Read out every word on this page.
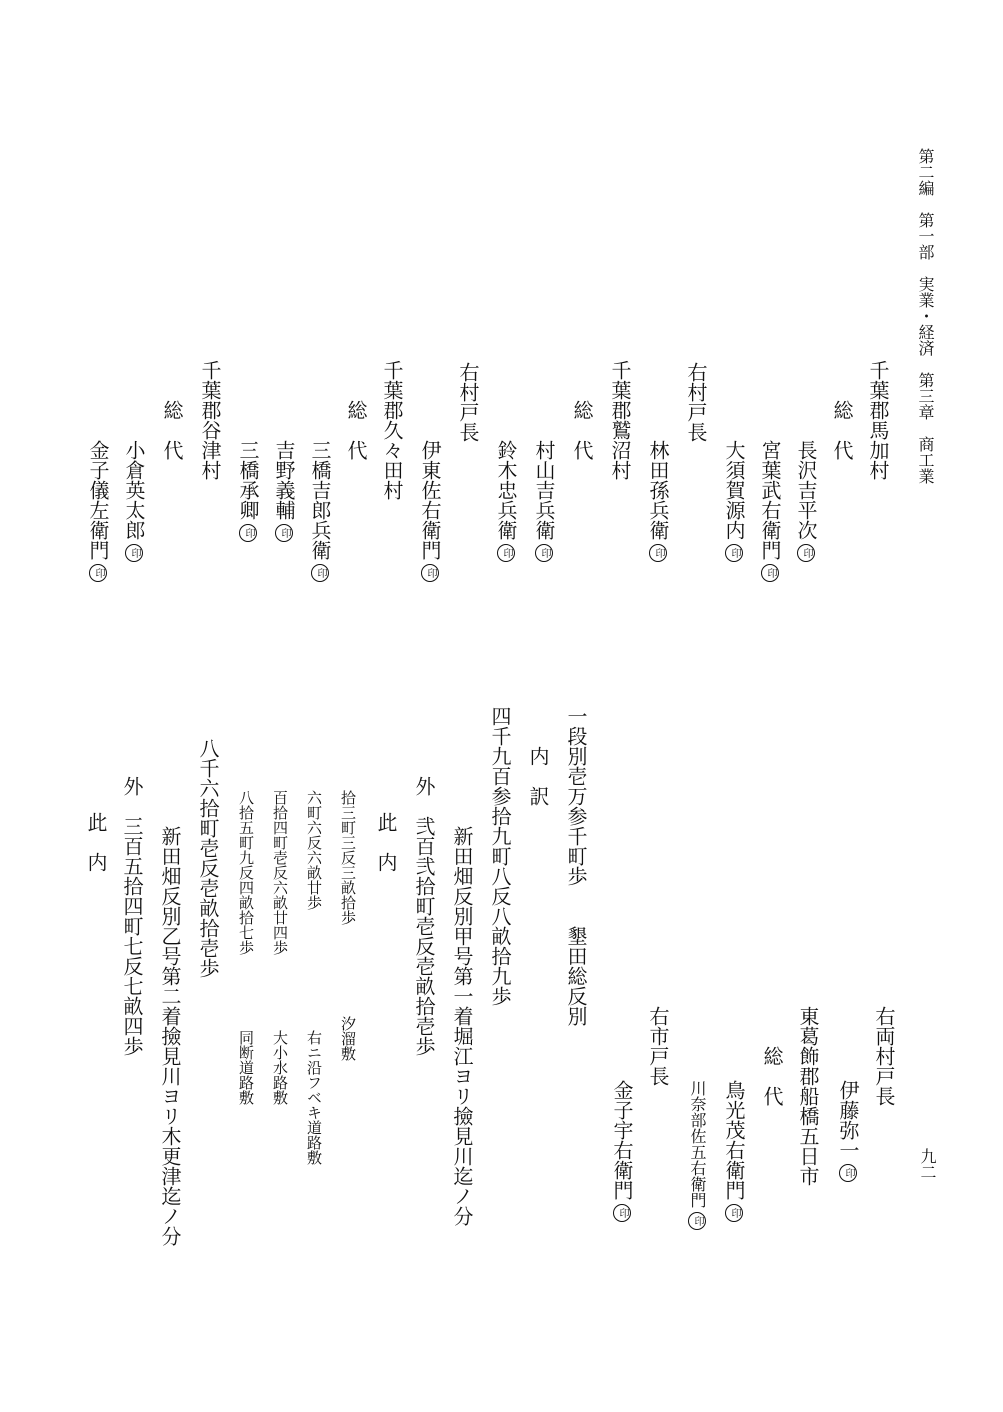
第二編　第一部　実業・経済　第三章　商工業
九二
千葉郡馬加村
総　代
長沢吉平次印
宮葉武右衛門印
大須賀源内印
右村戸長
林田孫兵衛印
千葉郡鷲沼村
総　代
村山吉兵衛印
鈴木忠兵衛印
右村戸長
伊東佐右衛門印
千葉郡久々田村
総　代
三橋吉郎兵衛印
吉野義輔印
三橋承卿印
千葉郡谷津村
総　代
小倉英太郎印
金子儀左衛門印
右両村戸長
伊藤弥一印
東葛飾郡船橋五日市
総　代
鳥光茂右衛門印
川奈部佐五右衛門印
右市戸長
金子宇右衛門印
一段別壱万参千町歩　　墾田総反別
内　訳
四千九百参拾九町八反八畝拾九歩
新田畑反別甲号第一着堀江ヨリ撿見川迄ノ分
外　弐百弐拾町壱反壱畝拾壱歩
此　内
拾三町三反三畝拾歩
汐溜敷
六町六反六畝廿歩
右ニ沿フベキ道路敷
百拾四町壱反六畝廿四歩
大小水路敷
八拾五町九反四畝拾七歩
同断道路敷
八千六拾町壱反壱畝拾壱歩
新田畑反別乙号第二着撿見川ヨリ木更津迄ノ分
外　三百五拾四町七反七畝四歩
此　内
